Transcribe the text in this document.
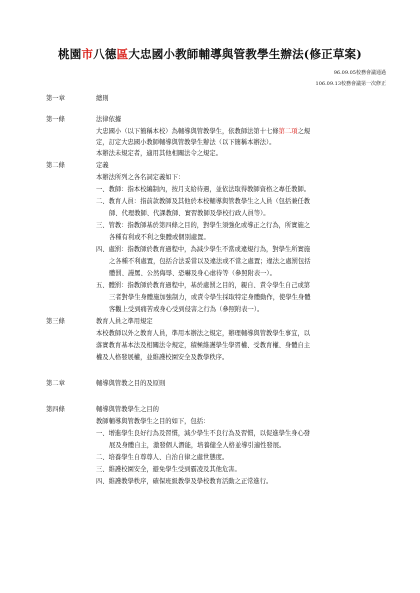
桃園市八德區大忠國小教師輔導與管教學生辦法(修正草案)
96.09.05校務會議通過
106.09.13校務會議第一次修正
第一章	總則
第一條	法律依據
大忠國小（以下簡稱本校）為輔導與管教學生，依教師法第十七條第二項之規
定，訂定大忠國小教師輔導與管教學生辦法（以下簡稱本辦法）。
本辦法未規定者，適用其他相關法令之規定。
第二條	定義
本辦法所列之各名詞定義如下：
一、教師：指本校編制內，按月支給待遇，並依法取得教師資格之專任教師。
二、教育人員：指前款教師及其他於本校輔導與管教學生之人員（包括兼任教
師、代理教師、代課教師、實習教師及學校行政人員等）。
三、管教：指教師基於第四條之目的，對學生須強化或導正之行為，所實施之
各種有利或不利之集體或個別處置。
四、處罰：指教師於教育過程中，為減少學生不當或違規行為，對學生所實施
之各種不利處置，包括合法妥當以及違法或不當之處置；違法之處罰包括
體罰、謾罵、公然侮辱、恐嚇及身心虐待等（參照附表一）。
五、體罰：指教師於教育過程中，基於處罰之目的，親自、責令學生自己或第
三者對學生身體施加強制力，或責令學生採取特定身體動作，使學生身體
客觀上受到痛苦或身心受到侵害之行為（參照附表一）。
第三條	教育人員之準用規定
本校教師以外之教育人員，準用本辦法之規定，辦理輔導與管教學生事宜，以
落實教育基本法及相關法令規定，積極維護學生學習權、受教育權、身體自主
權及人格發展權，並維護校園安全及教學秩序。
第二章	輔導與管教之目的及原則
第四條	輔導與管教學生之目的
教師輔導與管教學生之目的如下，包括：
一、增進學生良好行為及習慣，減少學生不良行為及習慣，以促進學生身心發
展及身體自主，激發個人潛能，培養健全人格並導引適性發展。
二、培養學生自尊尊人、自治自律之處世態度。
三、維護校園安全，避免學生受到霸凌及其他危害。
四、維護教學秩序，確保班級教學及學校教育活動之正常進行。
